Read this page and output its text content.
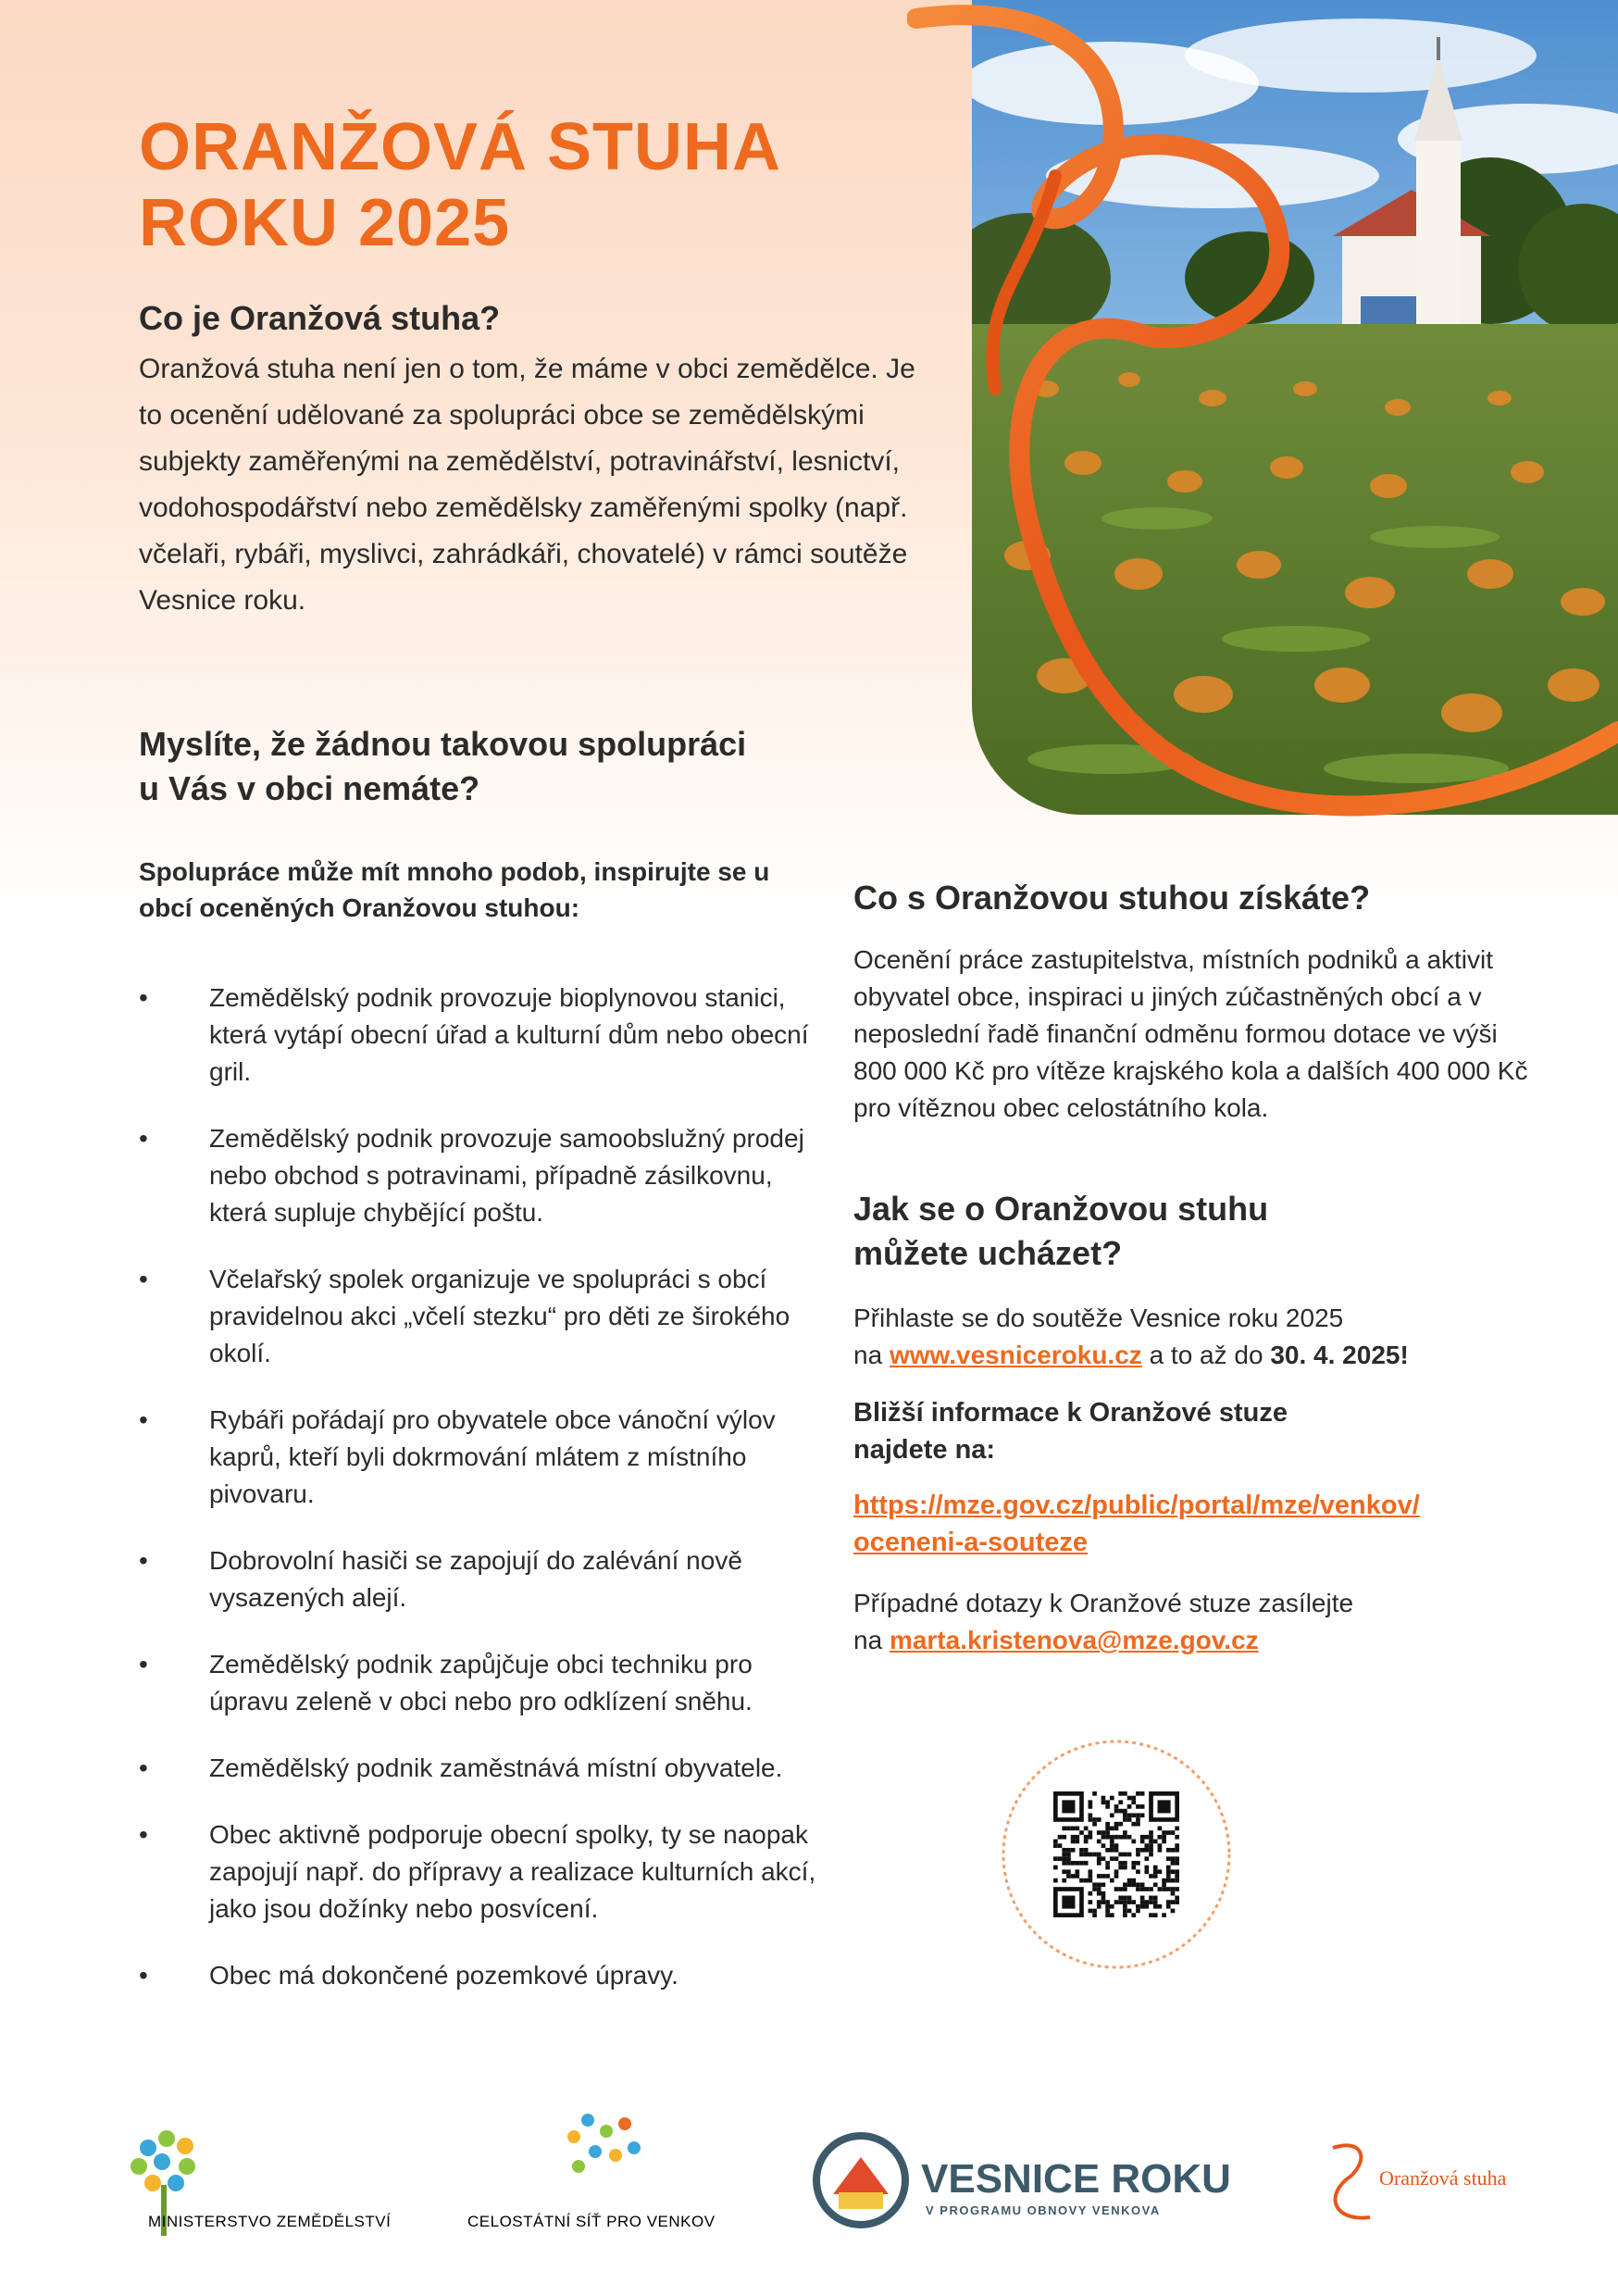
ORANŽOVÁ STUHA
ROKU 2025

Co je Oranžová stuha?

Oranžová stuha není jen o tom, že máme v obci zemědělce. Je to ocenění udělované za spolupráci obce se zemědělskými subjekty zaměřenými na zemědělství, potravinářství, lesnictví, vodohospodářství nebo zemědělsky zaměřenými spolky (např. včelaři, rybáři, myslivci, zahrádkáři, chovatelé) v rámci soutěže Vesnice roku.

Myslíte, že žádnou takovou spolupráci
u Vás v obci nemáte?

Spolupráce může mít mnoho podob, inspirujte se u obcí oceněných Oranžovou stuhou:

• Zemědělský podnik provozuje bioplynovou stanici, která vytápí obecní úřad a kulturní dům nebo obecní gril.
• Zemědělský podnik provozuje samoobslužný prodej nebo obchod s potravinami, případně zásilkovnu, která supluje chybějící poštu.
• Včelařský spolek organizuje ve spolupráci s obcí pravidelnou akci „včelí stezku“ pro děti ze širokého okolí.
• Rybáři pořádají pro obyvatele obce vánoční výlov kaprů, kteří byli dokrmování mlátem z místního pivovaru.
• Dobrovolní hasiči se zapojují do zalévání nově vysazených alejí.
• Zemědělský podnik zapůjčuje obci techniku pro úpravu zeleně v obci nebo pro odklízení sněhu.
• Zemědělský podnik zaměstnává místní obyvatele.
• Obec aktivně podporuje obecní spolky, ty se naopak zapojují např. do přípravy a realizace kulturních akcí, jako jsou dožínky nebo posvícení.
• Obec má dokončené pozemkové úpravy.

Co s Oranžovou stuhou získáte?

Ocenění práce zastupitelstva, místních podniků a aktivit obyvatel obce, inspiraci u jiných zúčastněných obcí a v neposlední řadě finanční odměnu formou dotace ve výši 800 000 Kč pro vítěze krajského kola a dalších 400 000 Kč pro vítěznou obec celostátního kola.

Jak se o Oranžovou stuhu
můžete ucházet?

Přihlaste se do soutěže Vesnice roku 2025
na www.vesniceroku.cz a to až do 30. 4. 2025!

Bližší informace k Oranžové stuze
najdete na:

https://mze.gov.cz/public/portal/mze/venkov/
oceneni-a-souteze

Případné dotazy k Oranžové stuze zasílejte
na marta.kristenova@mze.gov.cz

MINISTERSTVO ZEMĚDĚLSTVÍ	CELOSTÁTNÍ SÍŤ PRO VENKOV
VESNICE ROKU
V PROGRAMU OBNOVY VENKOVA
Oranžová stuha
